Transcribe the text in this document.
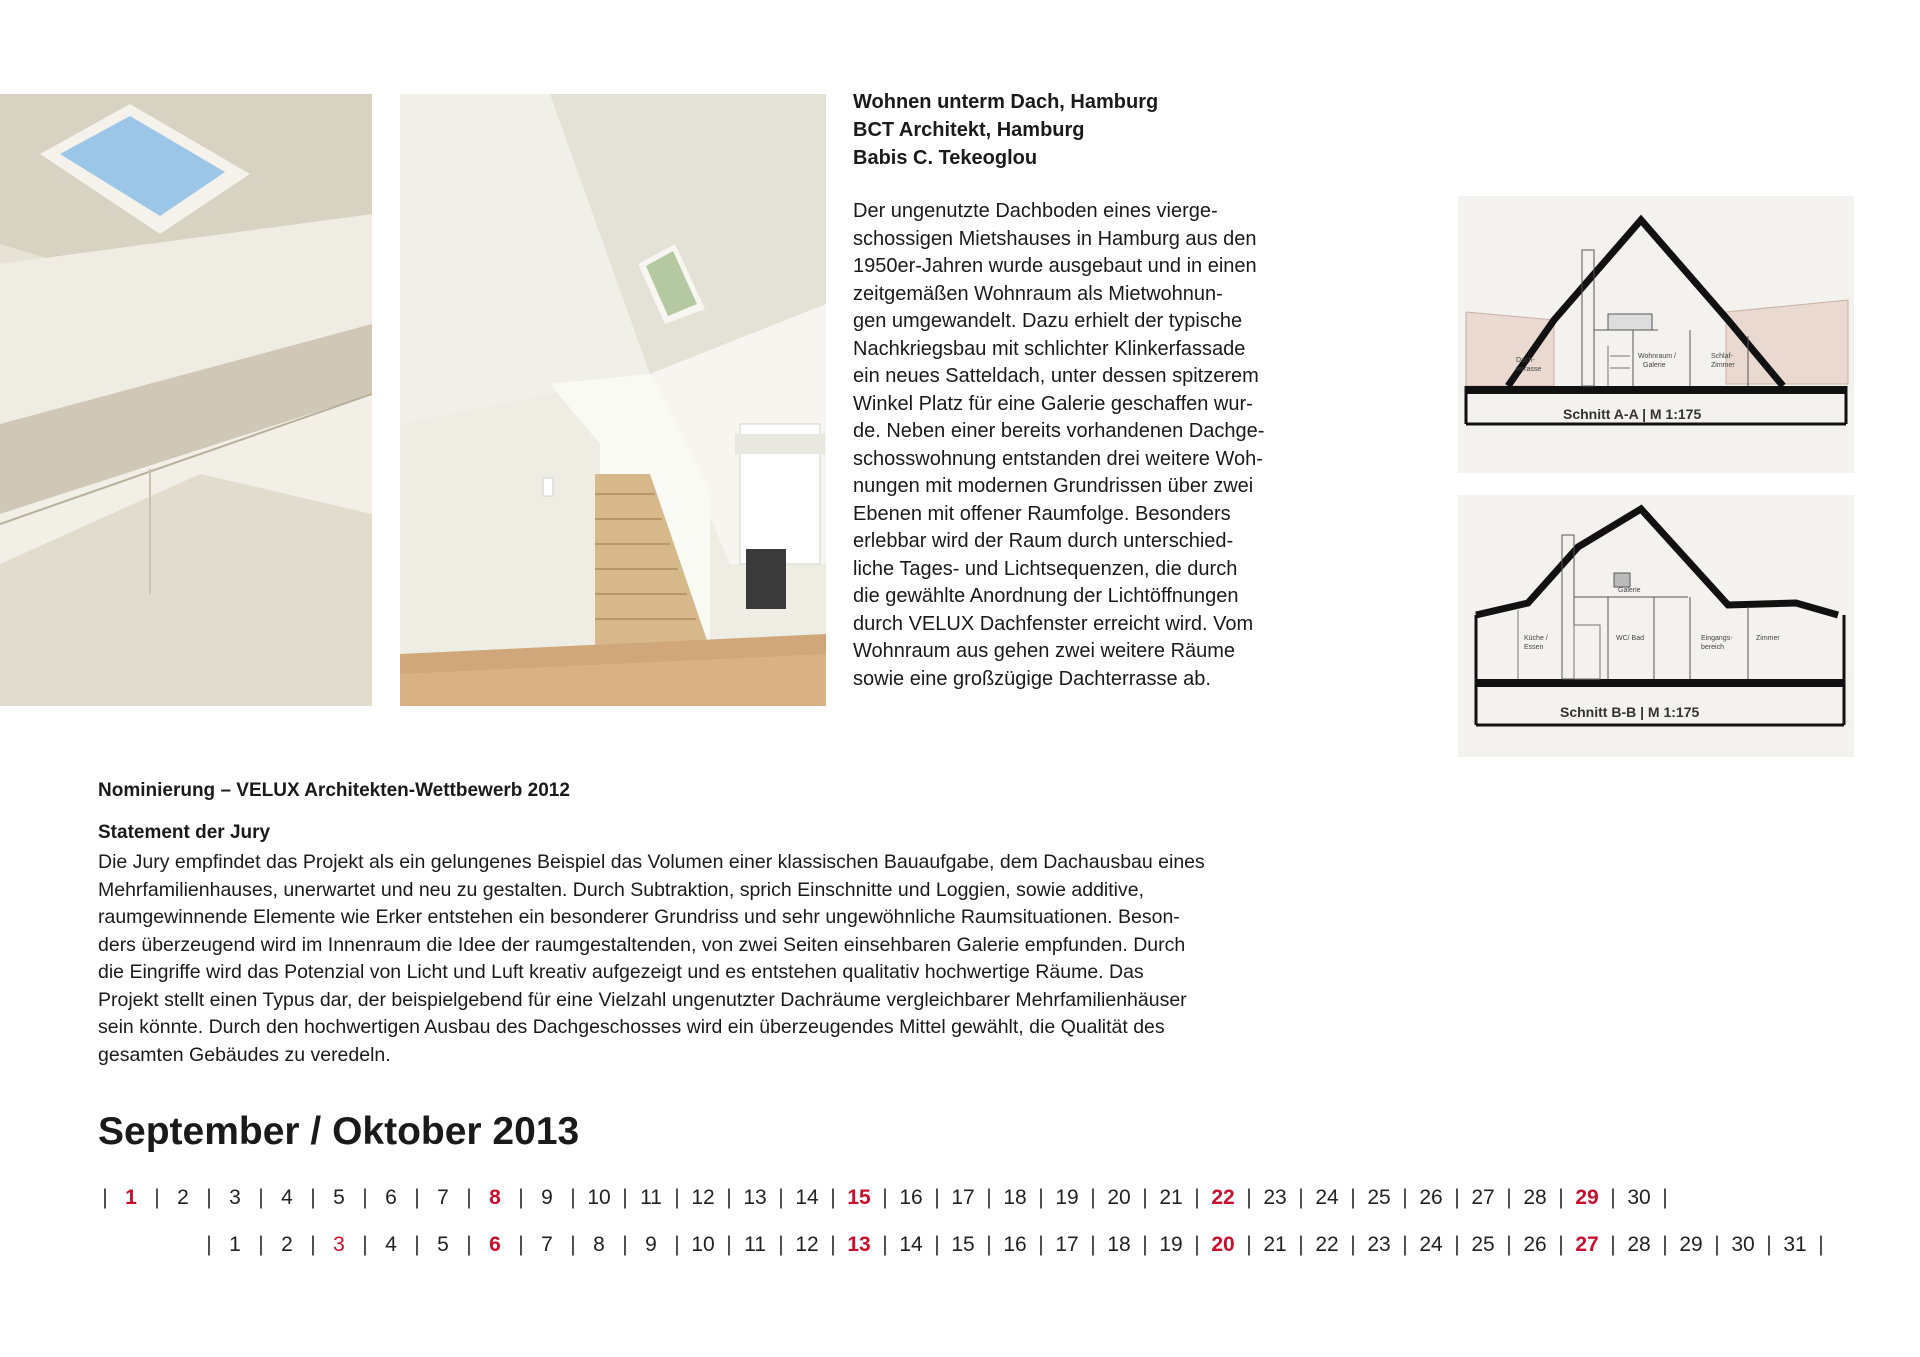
Wohnen unterm Dach, Hamburg
BCT Architekt, Hamburg
Babis C. Tekeoglou
Der ungenutzte Dachboden eines vierge-
schossigen Mietshauses in Hamburg aus den
1950er-Jahren wurde ausgebaut und in einen
zeitgemäßen Wohnraum als Mietwohnun-
gen umgewandelt. Dazu erhielt der typische
Nachkriegsbau mit schlichter Klinkerfassade
ein neues Satteldach, unter dessen spitzerem
Winkel Platz für eine Galerie geschaffen wur-
de. Neben einer bereits vorhandenen Dachge-
schosswohnung entstanden drei weitere Woh-
nungen mit modernen Grundrissen über zwei
Ebenen mit offener Raumfolge. Besonders
erlebbar wird der Raum durch unterschied-
liche Tages- und Lichtsequenzen, die durch
die gewählte Anordnung der Lichtöffnungen
durch VELUX Dachfenster erreicht wird. Vom
Wohnraum aus gehen zwei weitere Räume
sowie eine großzügige Dachterrasse ab.
Dach-
terrasse
Wohnraum /
Galerie
Schlaf-
Zimmer
Schnitt A-A | M 1:175
Galerie
Küche /
Essen
WC/ Bad	Eingangs-
bereich
Zimmer
Schnitt B-B | M 1:175
Nominierung – VELUX Architekten-Wettbewerb 2012
Statement der Jury
Die Jury empfindet das Projekt als ein gelungenes Beispiel das Volumen einer klassischen Bauaufgabe, dem Dachausbau eines
Mehrfamilienhauses, unerwartet und neu zu gestalten. Durch Subtraktion, sprich Einschnitte und Loggien, sowie additive,
raumgewinnende Elemente wie Erker entstehen ein besonderer Grundriss und sehr ungewöhnliche Raumsituationen. Beson-
ders überzeugend wird im Innenraum die Idee der raumgestaltenden, von zwei Seiten einsehbaren Galerie empfunden. Durch
die Eingriffe wird das Potenzial von Licht und Luft kreativ aufgezeigt und es entstehen qualitativ hochwertige Räume. Das
Projekt stellt einen Typus dar, der beispielgebend für eine Vielzahl ungenutzter Dachräume vergleichbarer Mehrfamilienhäuser
sein könnte. Durch den hochwertigen Ausbau des Dachgeschosses wird ein überzeugendes Mittel gewählt, die Qualität des
gesamten Gebäudes zu veredeln.
September / Oktober 2013
| 1 | 2 | 3 | 4 | 5 | 6 | 7 | 8 | 9 | 10 | 11 | 12 | 13 | 14 | 15 | 16 | 17 | 18 | 19 | 20 | 21 | 22 | 23 | 24 | 25 | 26 | 27 | 28 | 29 | 30 |
| 1 | 2 | 3 | 4 | 5 | 6 | 7 | 8 | 9 | 10 | 11 | 12 | 13 | 14 | 15 | 16 | 17 | 18 | 19 | 20 | 21 | 22 | 23 | 24 | 25 | 26 | 27 | 28 | 29 | 30 | 31 |
